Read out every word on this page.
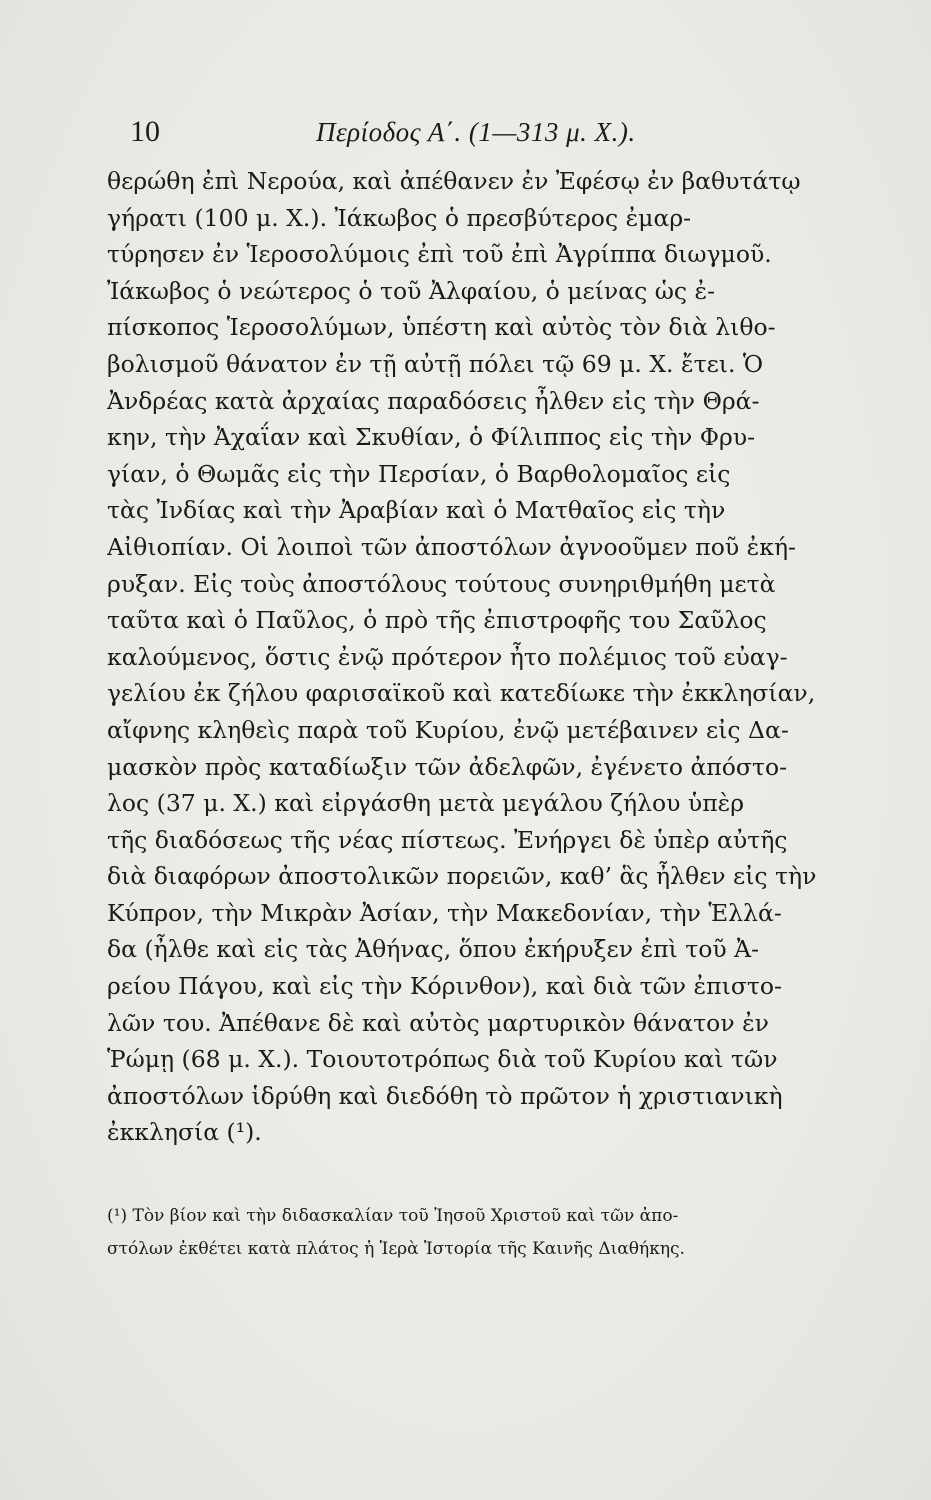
10	Περίοδος Α΄. (1—313 μ. Χ.).
θερώθη ἐπὶ Νερούα, καὶ ἀπέθανεν ἐν Ἐφέσῳ ἐν βαθυτάτῳ
γήρατι (100 μ. Χ.). Ἰάκωβος ὁ πρεσβύτερος ἐμαρ-
τύρησεν ἐν Ἱεροσολύμοις ἐπὶ τοῦ ἐπὶ Ἀγρίππα διωγμοῦ.
Ἰάκωβος ὁ νεώτερος ὁ τοῦ Ἀλφαίου, ὁ μείνας ὡς ἐ-
πίσκοπος Ἱεροσολύμων, ὑπέστη καὶ αὐτὸς τὸν διὰ λιθο-
βολισμοῦ θάνατον ἐν τῇ αὐτῇ πόλει τῷ 69 μ. Χ. ἔτει. Ὁ
Ἀνδρέας κατὰ ἀρχαίας παραδόσεις ἦλθεν εἰς τὴν Θρά-
κην, τὴν Ἀχαΐαν καὶ Σκυθίαν, ὁ Φίλιππος εἰς τὴν Φρυ-
γίαν, ὁ Θωμᾶς εἰς τὴν Περσίαν, ὁ Βαρθολομαῖος εἰς
τὰς Ἰνδίας καὶ τὴν Ἀραβίαν καὶ ὁ Ματθαῖος εἰς τὴν
Αἰθιοπίαν. Οἱ λοιποὶ τῶν ἀποστόλων ἀγνοοῦμεν ποῦ ἐκή-
ρυξαν. Εἰς τοὺς ἀποστόλους τούτους συνηριθμήθη μετὰ
ταῦτα καὶ ὁ Παῦλος, ὁ πρὸ τῆς ἐπιστροφῆς του Σαῦλος
καλούμενος, ὅστις ἐνῷ πρότερον ἦτο πολέμιος τοῦ εὐαγ-
γελίου ἐκ ζήλου φαρισαϊκοῦ καὶ κατεδίωκε τὴν ἐκκλησίαν,
αἴφνης κληθεὶς παρὰ τοῦ Κυρίου, ἐνῷ μετέβαινεν εἰς Δα-
μασκὸν πρὸς καταδίωξιν τῶν ἀδελφῶν, ἐγένετο ἀπόστο-
λος (37 μ. Χ.) καὶ εἰργάσθη μετὰ μεγάλου ζήλου ὑπὲρ
τῆς διαδόσεως τῆς νέας πίστεως. Ἐνήργει δὲ ὑπὲρ αὐτῆς
διὰ διαφόρων ἀποστολικῶν πορειῶν, καθ’ ἃς ἦλθεν εἰς τὴν
Κύπρον, τὴν Μικρὰν Ἀσίαν, τὴν Μακεδονίαν, τὴν Ἑλλά-
δα (ἦλθε καὶ εἰς τὰς Ἀθήνας, ὅπου ἐκήρυξεν ἐπὶ τοῦ Ἀ-
ρείου Πάγου, καὶ εἰς τὴν Κόρινθον), καὶ διὰ τῶν ἐπιστο-
λῶν του. Ἀπέθανε δὲ καὶ αὐτὸς μαρτυρικὸν θάνατον ἐν
Ῥώμῃ (68 μ. Χ.). Τοιουτοτρόπως διὰ τοῦ Κυρίου καὶ τῶν
ἀποστόλων ἱδρύθη καὶ διεδόθη τὸ πρῶτον ἡ χριστιανικὴ
ἐκκλησία (¹).
(¹) Τὸν βίον καὶ τὴν διδασκαλίαν τοῦ Ἰησοῦ Χριστοῦ καὶ τῶν ἀπο-
στόλων ἐκθέτει κατὰ πλάτος ἡ Ἱερὰ Ἱστορία τῆς Καινῆς Διαθήκης.
